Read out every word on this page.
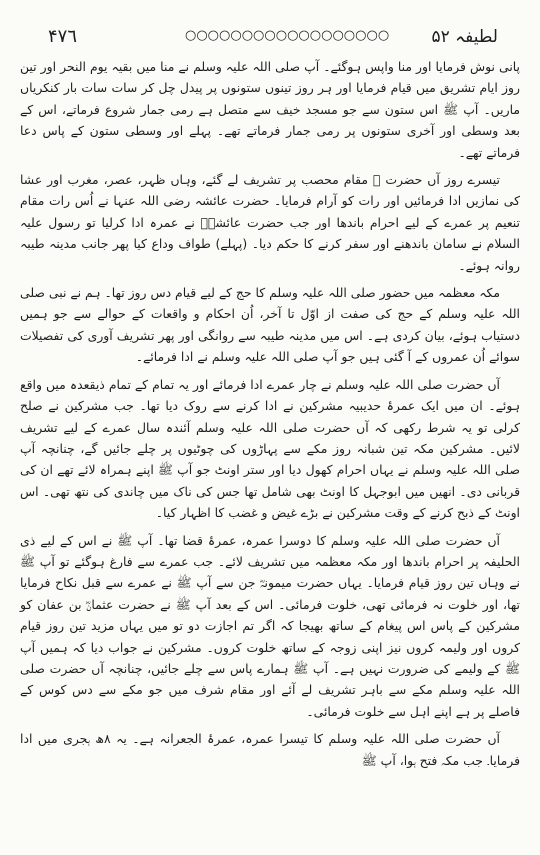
۴٧٦	○○○○○○○○○○○○○○○○○○ لطیفہ ۵۲

پانی نوش فرمایا اور منا واپس ہوگئے۔ آپ صلی اللہ علیہ وسلم نے منا میں بقیہ یوم النحر اور تین روز ایام تشریق میں قیام فرمایا اور ہر روز تینوں ستونوں پر پیدل چل کر سات سات بار کنکریاں ماریں۔ آپ ﷺ اس ستون سے جو مسجد خیف سے متصل ہے رمی جمار شروع فرماتے، اس کے بعد وسطی اور آخری ستونوں پر رمی جمار فرماتے تھے۔ پہلے اور وسطی ستون کے پاس دعا فرماتے تھے۔

تیسرے روز آں حضرت ﷺ مقام محصب پر تشریف لے گئے، وہاں ظہر، عصر، مغرب اور عشا کی نمازیں ادا فرمائیں اور رات کو آرام فرمایا۔ حضرت عائشہ رضی اللہ عنہا نے اُس رات مقام تنعیم پر عمرے کے لیے احرام باندھا اور جب حضرت عائشہؓ نے عمرہ ادا کرلیا تو رسول علیہ السلام نے سامان باندھنے اور سفر کرنے کا حکم دیا۔ (پہلے) طواف وداع کیا پھر جانب مدینہ طیبہ روانہ ہوئے۔

مکہ معظمہ میں حضور صلی اللہ علیہ وسلم کا حج کے لیے قیام دس روز تھا۔ ہم نے نبی صلی اللہ علیہ وسلم کے حج کی صفت از اوّل تا آخر، اُن احکام و واقعات کے حوالے سے جو ہمیں دستیاب ہوئے، بیان کردی ہے۔ اس میں مدینہ طیبہ سے روانگی اور پھر تشریف آوری کی تفصیلات سوائے اُن عمروں کے آ گئی ہیں جو آپ صلی اللہ علیہ وسلم نے ادا فرمائے۔

آں حضرت صلی اللہ علیہ وسلم نے چار عمرے ادا فرمائے اور یہ تمام کے تمام ذیقعدہ میں واقع ہوئے۔ ان میں ایک عمرۂ حدیبیہ مشرکین نے ادا کرنے سے روک دیا تھا۔ جب مشرکین نے صلح کرلی تو یہ شرط رکھی کہ آں حضرت صلی اللہ علیہ وسلم آئندہ سال عمرے کے لیے تشریف لائیں۔ مشرکین مکہ تین شبانہ روز مکے سے پہاڑوں کی چوٹیوں پر چلے جائیں گے، چنانچہ آپ صلی اللہ علیہ وسلم نے یہاں احرام کھول دیا اور ستر اونٹ جو آپ ﷺ اپنے ہمراہ لائے تھے ان کی قربانی دی۔ انھیں میں ابوجہل کا اونٹ بھی شامل تھا جس کی ناک میں چاندی کی نتھ تھی۔ اس اونٹ کے ذبح کرنے کے وقت مشرکین نے بڑے غیض و غضب کا اظہار کیا۔

آں حضرت صلی اللہ علیہ وسلم کا دوسرا عمرہ، عمرۂ قضا تھا۔ آپ ﷺ نے اس کے لیے ذی الحلیفہ پر احرام باندھا اور مکہ معظمہ میں تشریف لائے۔ جب عمرے سے فارغ ہوگئے تو آپ ﷺ نے وہاں تین روز قیام فرمایا۔ یہاں حضرت میمونہؓ جن سے آپ ﷺ نے عمرے سے قبل نکاح فرمایا تھا، اور خلوت نہ فرمائی تھی، خلوت فرمائی۔ اس کے بعد آپ ﷺ نے حضرت عثمانؓ بن عفان کو مشرکین کے پاس اس پیغام کے ساتھ بھیجا کہ اگر تم اجازت دو تو میں یہاں مزید تین روز قیام کروں اور ولیمہ کروں نیز اپنی زوجہ کے ساتھ خلوت کروں۔ مشرکین نے جواب دیا کہ ہمیں آپ ﷺ کے ولیمے کی ضرورت نہیں ہے۔ آپ ﷺ ہمارے پاس سے چلے جائیں، چنانچہ آں حضرت صلی اللہ علیہ وسلم مکے سے باہر تشریف لے آئے اور مقام شرف میں جو مکے سے دس کوس کے فاصلے پر ہے اپنے اہل سے خلوت فرمائی۔

آں حضرت صلی اللہ علیہ وسلم کا تیسرا عمرہ، عمرۂ الجعرانہ ہے۔ یہ ۸ھ ہجری میں ادا فرمایا۔ جب مکہ فتح ہوا، آپ ﷺ
